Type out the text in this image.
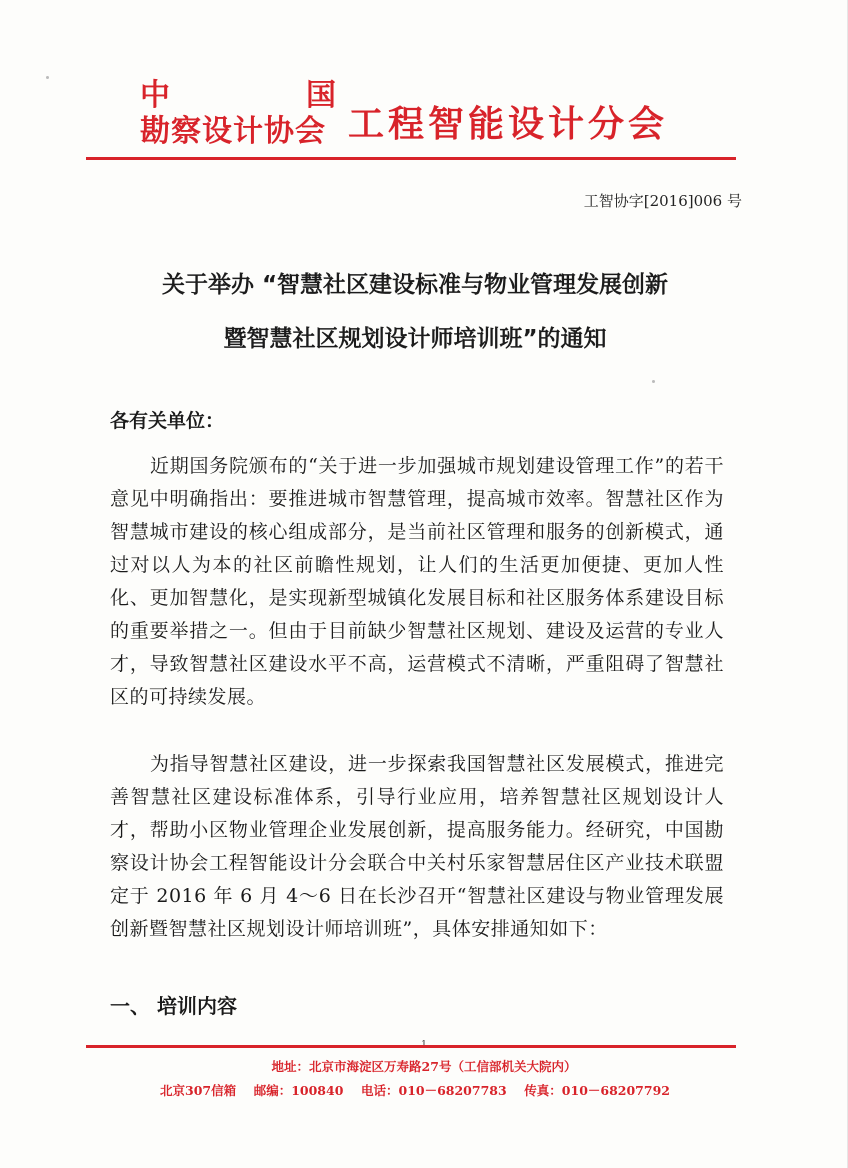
中	国
勘察设计协会 工程智能设计分会
工智协字[2016]006 号
关于举办 “智慧社区建设标准与物业管理发展创新
暨智慧社区规划设计师培训班”的通知
各有关单位：

近期国务院颁布的“关于进一步加强城市规划建设管理工作”的若干意见中明确指出：要推进城市智慧管理，提高城市效率。智慧社区作为智慧城市建设的核心组成部分，是当前社区管理和服务的创新模式，通过对以人为本的社区前瞻性规划，让人们的生活更加便捷、更加人性化、更加智慧化，是实现新型城镇化发展目标和社区服务体系建设目标的重要举措之一。但由于目前缺少智慧社区规划、建设及运营的专业人才，导致智慧社区建设水平不高，运营模式不清晰，严重阻碍了智慧社区的可持续发展。

为指导智慧社区建设，进一步探索我国智慧社区发展模式，推进完善智慧社区建设标准体系，引导行业应用，培养智慧社区规划设计人才，帮助小区物业管理企业发展创新，提高服务能力。经研究，中国勘察设计协会工程智能设计分会联合中关村乐家智慧居住区产业技术联盟定于 2016 年 6 月 4～6 日在长沙召开“智慧社区建设与物业管理发展创新暨智慧社区规划设计师培训班”，具体安排通知如下：

一、 培训内容
地址：北京市海淀区万寿路27号（工信部机关大院内）
北京307信箱 邮编：100840 电话：010－68207783 传真：010－68207792
